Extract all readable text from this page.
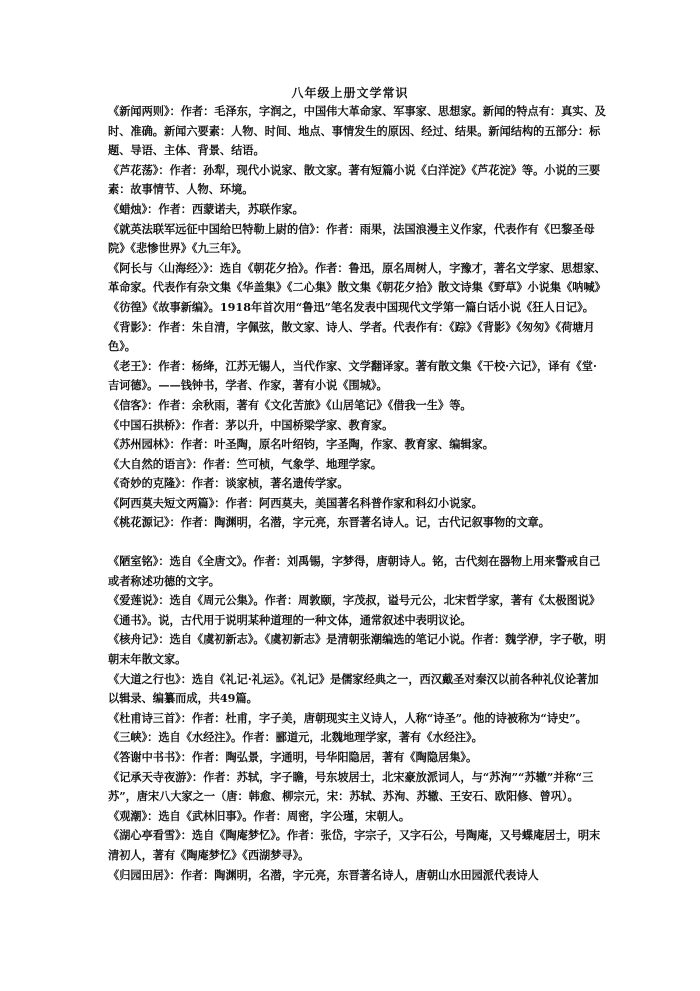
八年级上册文学常识

《新闻两则》：作者：毛泽东，字润之，中国伟大革命家、军事家、思想家。新闻的特点有：真实、及时、准确。新闻六要素：人物、时间、地点、事情发生的原因、经过、结果。新闻结构的五部分：标题、导语、主体、背景、结语。

《芦花荡》：作者：孙犁，现代小说家、散文家。著有短篇小说《白洋淀》《芦花淀》等。小说的三要素：故事情节、人物、环境。

《蜡烛》：作者：西蒙诺夫，苏联作家。

《就英法联军远征中国给巴特勒上尉的信》：作者：雨果，法国浪漫主义作家，代表作有《巴黎圣母院》《悲惨世界》《九三年》。

《阿长与〈山海经〉》：选自《朝花夕拾》。作者：鲁迅，原名周树人，字豫才，著名文学家、思想家、革命家。代表作有杂文集《华盖集》《二心集》散文集《朝花夕拾》散文诗集《野草》小说集《呐喊》《彷徨》《故事新编》。1918年首次用“鲁迅”笔名发表中国现代文学第一篇白话小说《狂人日记》。

《背影》：作者：朱自清，字佩弦，散文家、诗人、学者。代表作有：《踪》《背影》《匆匆》《荷塘月色》。

《老王》：作者：杨绛，江苏无锡人，当代作家、文学翻译家。著有散文集《干校·六记》，译有《堂·吉诃德》。——钱钟书，学者、作家，著有小说《围城》。

《信客》：作者：余秋雨，著有《文化苦旅》《山居笔记》《借我一生》等。

《中国石拱桥》：作者：茅以升，中国桥梁学家、教育家。

《苏州园林》：作者：叶圣陶，原名叶绍钧，字圣陶，作家、教育家、编辑家。

《大自然的语言》：作者：竺可桢，气象学、地理学家。

《奇妙的克隆》：作者：谈家桢，著名遗传学家。

《阿西莫夫短文两篇》：作者：阿西莫夫，美国著名科普作家和科幻小说家。

《桃花源记》：作者：陶渊明，名潜，字元亮，东晋著名诗人。记，古代记叙事物的文章。

《陋室铭》：选自《全唐文》。作者：刘禹锡，字梦得，唐朝诗人。铭，古代刻在器物上用来警戒自己或者称述功德的文字。

《爱莲说》：选自《周元公集》。作者：周敦颐，字茂叔，谥号元公，北宋哲学家，著有《太极图说》《通书》。说，古代用于说明某种道理的一种文体，通常叙述中表明议论。

《核舟记》：选自《虞初新志》。《虞初新志》是清朝张潮编选的笔记小说。作者：魏学洢，字子敬，明朝末年散文家。

《大道之行也》：选自《礼记·礼运》。《礼记》是儒家经典之一，西汉戴圣对秦汉以前各种礼仪论著加以辑录、编纂而成，共49篇。

《杜甫诗三首》：作者：杜甫，字子美，唐朝现实主义诗人，人称“诗圣”。他的诗被称为“诗史”。

《三峡》：选自《水经注》。作者：郦道元，北魏地理学家，著有《水经注》。

《答谢中书书》：作者：陶弘景，字通明，号华阳隐居，著有《陶隐居集》。

《记承天寺夜游》：作者：苏轼，字子瞻，号东坡居士，北宋豪放派词人，与“苏洵”“苏辙”并称“三苏”，唐宋八大家之一（唐：韩愈、柳宗元，宋：苏轼、苏洵、苏辙、王安石、欧阳修、曾巩）。

《观潮》：选自《武林旧事》。作者：周密，字公瑾，宋朝人。

《湖心亭看雪》：选自《陶庵梦忆》。作者：张岱，字宗子，又字石公，号陶庵，又号蝶庵居士，明末清初人，著有《陶庵梦忆》《西湖梦寻》。

《归园田居》：作者：陶渊明，名潜，字元亮，东晋著名诗人，唐朝山水田园派代表诗人
